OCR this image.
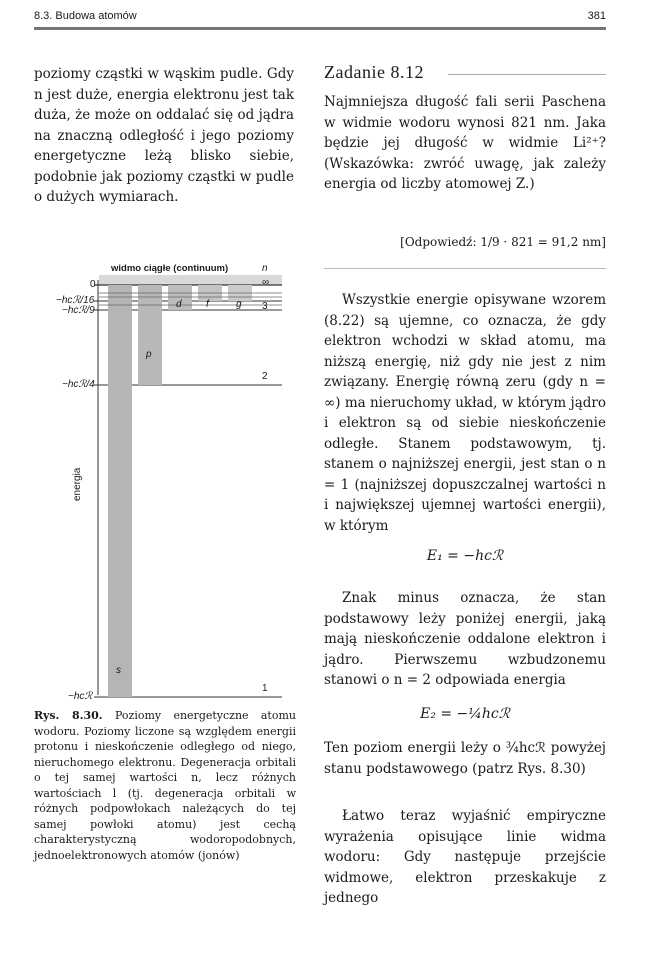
8.3. Budowa atomów	381

poziomy cząstki w wąskim pudle. Gdy n jest duże, energia elektronu jest tak duża, że może on oddalać się od jądra na znaczną odległość i jego poziomy energetyczne leżą blisko siebie, podobnie jak poziomy cząstki w pudle o dużych wymiarach.

widmo ciągłe (continuum)	n
0	∞
−hcℛ/16
−hcℛ/9	3
−hcℛ/4
2
−hcℛ
1
s
p
d f	g
energia
Rys. 8.30. Poziomy energetyczne atomu wodoru. Poziomy liczone są względem energii protonu i nieskończenie odległego od niego, nieruchomego elektronu. Degeneracja orbitali o tej samej wartości n, lecz różnych wartościach l (tj. degeneracja orbitali w różnych podpowłokach należących do tej samej powłoki atomu) jest cechą charakterystyczną wodoropodobnych, jednoelektronowych atomów (jonów)
Zadanie 8.12

Najmniejsza długość fali serii Paschena w widmie wodoru wynosi 821 nm. Jaka będzie jej długość w widmie Li²⁺? (Wskazówka: zwróć uwagę, jak zależy energia od liczby atomowej Z.)

[Odpowiedź: 1/9 · 821 = 91,2 nm]

Wszystkie energie opisywane wzorem (8.22) są ujemne, co oznacza, że gdy elektron wchodzi w skład atomu, ma niższą energię, niż gdy nie jest z nim związany. Energię równą zeru (gdy n = ∞) ma nieruchomy układ, w którym jądro i elektron są od siebie nieskończenie odległe. Stanem podstawowym, tj. stanem o najniższej energii, jest stan o n = 1 (najniższej dopuszczalnej wartości n i największej ujemnej wartości energii), w którym

E₁ = −hcℛ

Znak minus oznacza, że stan podstawowy leży poniżej energii, jaką mają nieskończenie oddalone elektron i jądro. Pierwszemu wzbudzonemu stanowi o n = 2 odpowiada energia

E₂ = −¼hcℛ

Ten poziom energii leży o ¾hcℛ powyżej stanu podstawowego (patrz Rys. 8.30)

Łatwo teraz wyjaśnić empiryczne wyrażenia opisujące linie widma wodoru: Gdy następuje przejście widmowe, elektron przeskakuje z jednego
